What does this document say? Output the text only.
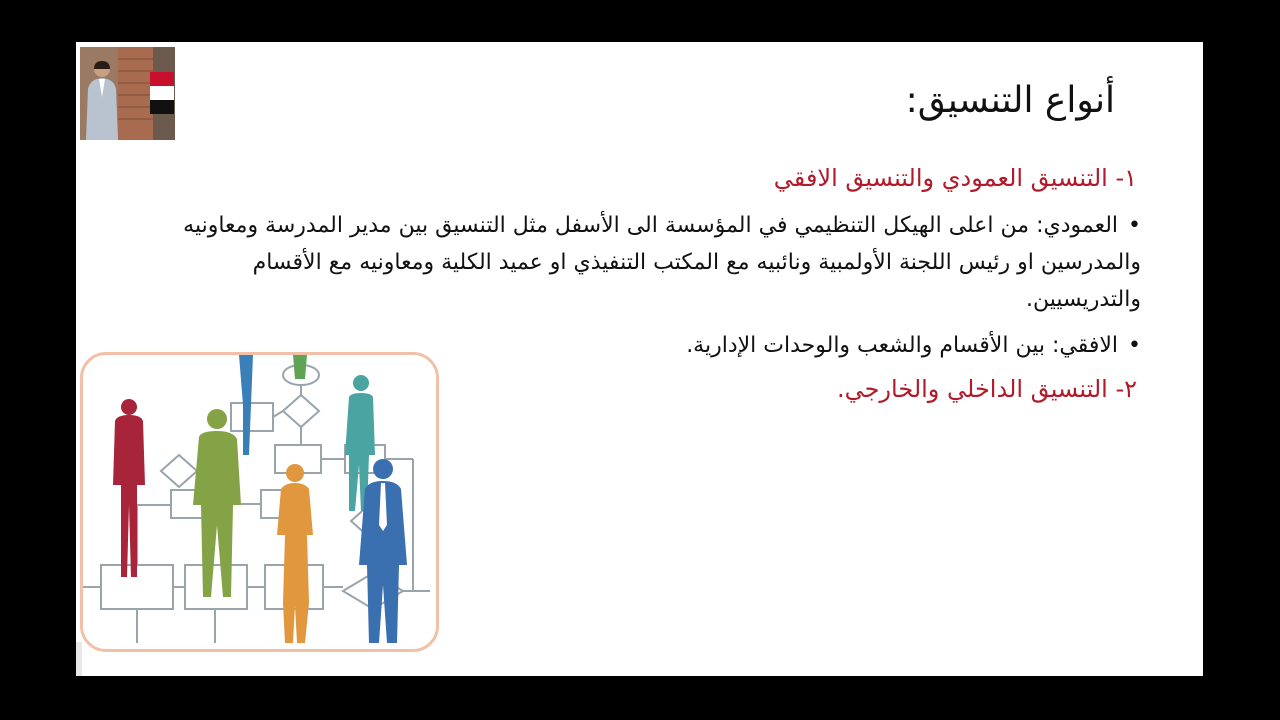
أنواع التنسيق:

١- التنسيق العمودي والتنسيق الافقي

•العمودي: من اعلى الهيكل التنظيمي في المؤسسة الى الأسفل مثل التنسيق بين مدير المدرسة ومعاونيه والمدرسين او رئيس اللجنة الأولمبية ونائبيه مع المكتب التنفيذي او عميد الكلية ومعاونيه مع الأقسام والتدريسيين.

•الافقي: بين الأقسام والشعب والوحدات الإدارية.

٢- التنسيق الداخلي والخارجي.
